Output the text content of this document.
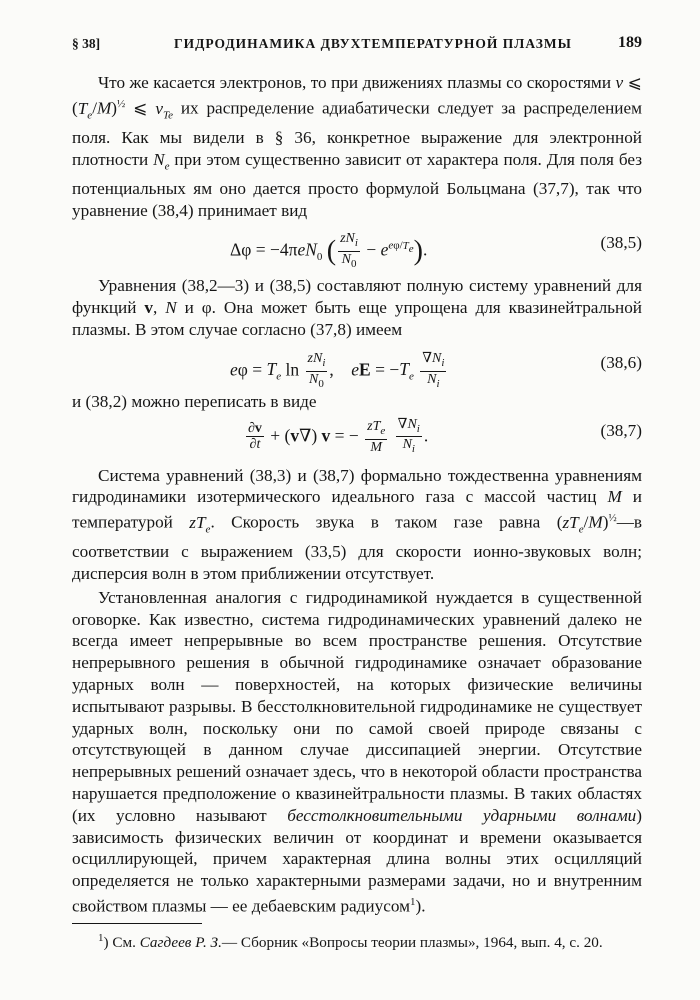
§ 38]	ГИДРОДИНАМИКА ДВУХТЕМПЕРАТУРНОЙ ПЛАЗМЫ	189

Что же касается электронов, то при движениях плазмы со скоростями v ⩽ $(T_e/M)^{\frac{1}{2}}$ ⩽ $v_{Te}$ их распределение адиабатически следует за распределением поля. Как мы видели в § 36, конкретное выражение для электронной плотности $N_e$ при этом существенно зависит от характера поля. Для поля без потенциальных ям оно дается просто формулой Больцмана (37,7), так что уравнение (38,4) принимает вид

Δφ = −4πeN$_0$ ( $\frac{zN_i}{N_0} - e^{e\varphi/Te}$).	(38,5)

Уравнения (38,2—3) и (38,5) составляют полную систему уравнений для функций v, N и φ. Она может быть еще упрощена для квазинейтральной плазмы. В этом случае согласно (37,8) имеем

$e\varphi = T_e$ $\ln \frac{zN_i}{N_0}$ ,    eE = $-T_e \frac{\nabla N_i}{N_i}$	(38,6)

и (38,2) можно переписать в виде

$\frac{\partial v}{\partial t} + (v\nabla) v$ = − $\frac{zT_e}{M}$
$\frac{\nabla N_i}{N_i}$ .	(38,7)

Система уравнений (38,3) и (38,7) формально тождественна уравнениям гидродинамики изотермического идеального газа с массой частиц M и температурой $zT_e$. Скорость звука в таком газе равна $(zT_e/M)^{\frac{1}{2}}—в$ соответствии с выражением (33,5) для скорости ионно-звуковых волн; дисперсия волн в этом приближении отсутствует.

Установленная аналогия с гидродинамикой нуждается в существенной оговорке. Как известно, система гидродинамических уравнений далеко не всегда имеет непрерывные во всем пространстве решения. Отсутствие непрерывного решения в обычной гидродинамике означает образование ударных волн — поверхностей, на которых физические величины испытывают разрывы. В бесстолкновительной гидродинамике не существует ударных волн, поскольку они по самой своей природе связаны с отсутствующей в данном случае диссипацией энергии. Отсутствие непрерывных решений означает здесь, что в некоторой области пространства нарушается предположение о квазинейтральности плазмы. В таких областях (их условно называют бесстолкновительными ударными волнами) зависимость физических величин от координат и времени оказывается осциллирующей, причем характерная длина волны этих осцилляций определяется не только характерными размерами задачи, но и внутренним свойством плазмы — ее дебаевским радиусом$^1$).

$^1$) См. Сагдеев Р. З.— Сборник «Вопросы теории плазмы», 1964, вып. 4, с. 20.
